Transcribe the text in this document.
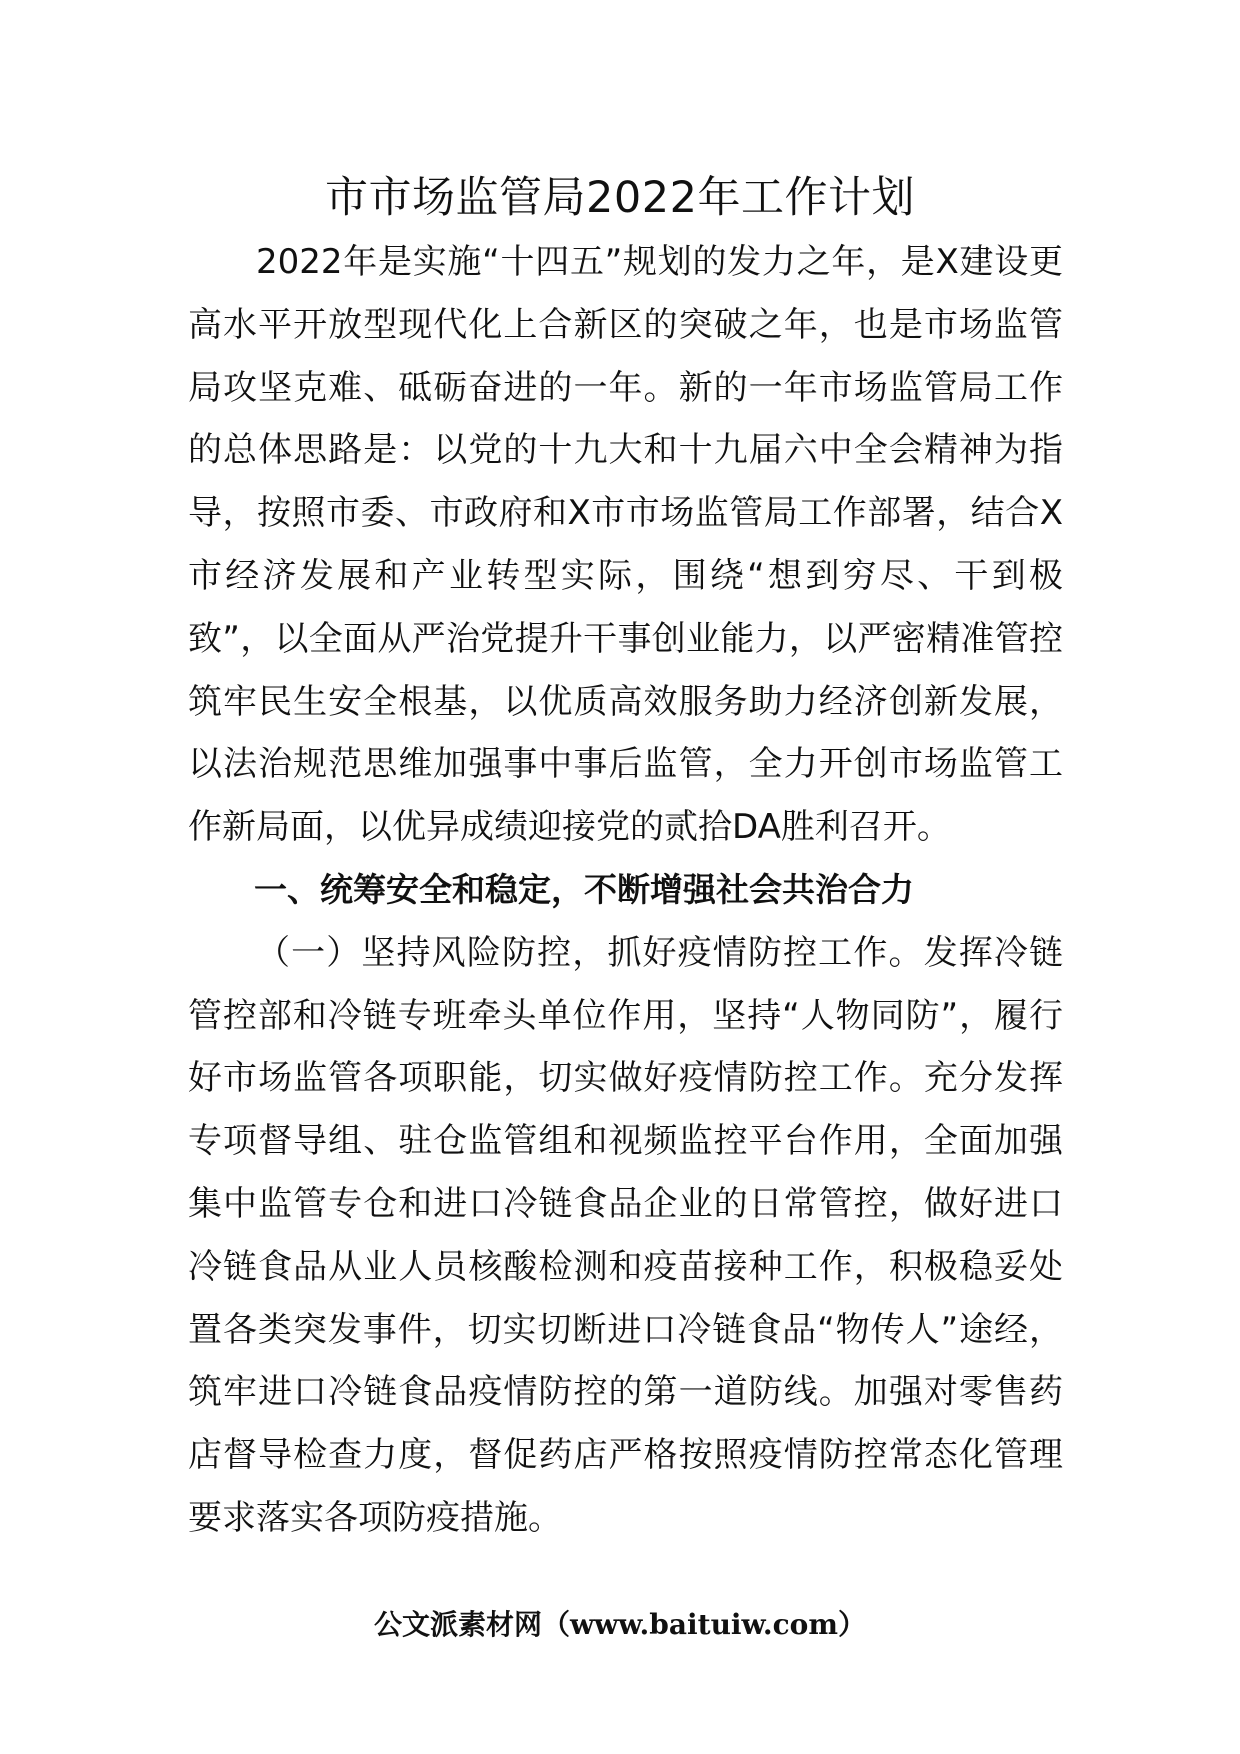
市市场监管局2022年工作计划

2022年是实施“十四五”规划的发力之年，是X建设更高水平开放型现代化上合新区的突破之年，也是市场监管局攻坚克难、砥砺奋进的一年。新的一年市场监管局工作的总体思路是：以党的十九大和十九届六中全会精神为指导，按照市委、市政府和X市市场监管局工作部署，结合X市经济发展和产业转型实际，围绕“想到穷尽、干到极致”，以全面从严治党提升干事创业能力，以严密精准管控筑牢民生安全根基，以优质高效服务助力经济创新发展，以法治规范思维加强事中事后监管，全力开创市场监管工作新局面，以优异成绩迎接党的贰拾DA胜利召开。

一、统筹安全和稳定，不断增强社会共治合力

（一）坚持风险防控，抓好疫情防控工作。发挥冷链管控部和冷链专班牵头单位作用，坚持“人物同防”，履行好市场监管各项职能，切实做好疫情防控工作。充分发挥专项督导组、驻仓监管组和视频监控平台作用，全面加强集中监管专仓和进口冷链食品企业的日常管控，做好进口冷链食品从业人员核酸检测和疫苗接种工作，积极稳妥处置各类突发事件，切实切断进口冷链食品“物传人”途经，筑牢进口冷链食品疫情防控的第一道防线。加强对零售药店督导检查力度，督促药店严格按照疫情防控常态化管理要求落实各项防疫措施。

公文派素材网（www.baituiw.com）
